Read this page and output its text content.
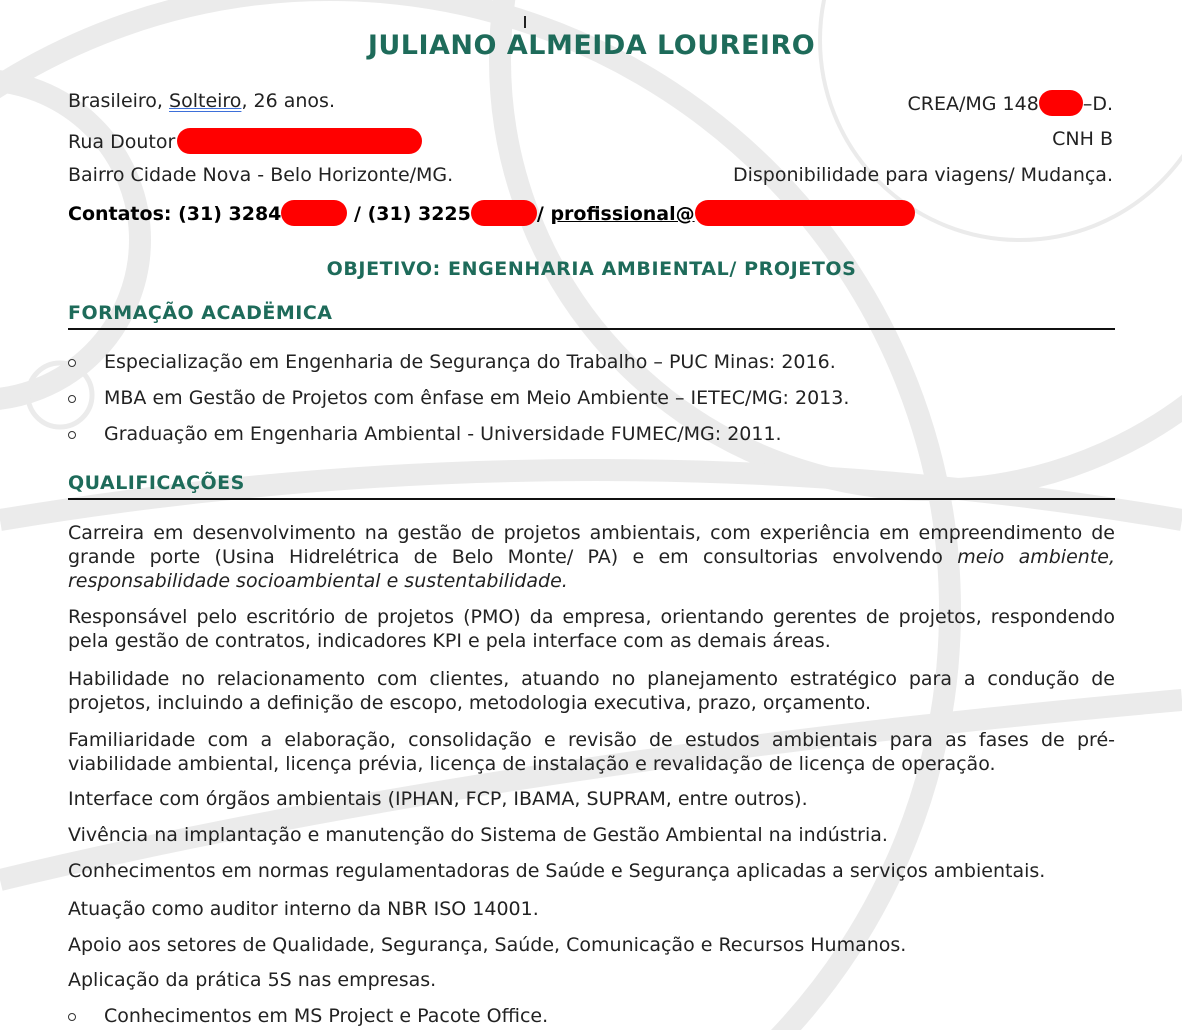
JULIANO ALMEIDA LOUREIRO
Brasileiro, Solteiro, 26 anos.	CREA/MG 148 –D.
Rua Doutor	CNH B
Bairro Cidade Nova - Belo Horizonte/MG.	Disponibilidade para viagens/ Mudança.
Contatos: (31) 3284	/ (31) 3225	/ profissional@
OBJETIVO: ENGENHARIA AMBIENTAL/ PROJETOS
FORMAÇÃO ACADËMICA
Especialização em Engenharia de Segurança do Trabalho – PUC Minas: 2016.
MBA em Gestão de Projetos com ênfase em Meio Ambiente – IETEC/MG: 2013.
Graduação em Engenharia Ambiental - Universidade FUMEC/MG: 2011.
QUALIFICAÇÕES
Carreira em desenvolvimento na gestão de projetos ambientais, com experiência em empreendimento de grande porte (Usina Hidrelétrica de Belo Monte/ PA) e em consultorias envolvendo meio ambiente, responsabilidade socioambiental e sustentabilidade.
Responsável pelo escritório de projetos (PMO) da empresa, orientando gerentes de projetos, respondendo pela gestão de contratos, indicadores KPI e pela interface com as demais áreas.
Habilidade no relacionamento com clientes, atuando no planejamento estratégico para a condução de projetos, incluindo a definição de escopo, metodologia executiva, prazo, orçamento.
Familiaridade com a elaboração, consolidação e revisão de estudos ambientais para as fases de pré-viabilidade ambiental, licença prévia, licença de instalação e revalidação de licença de operação.
Interface com órgãos ambientais (IPHAN, FCP, IBAMA, SUPRAM, entre outros).
Vivência na implantação e manutenção do Sistema de Gestão Ambiental na indústria.
Conhecimentos em normas regulamentadoras de Saúde e Segurança aplicadas a serviços ambientais.
Atuação como auditor interno da NBR ISO 14001.
Apoio aos setores de Qualidade, Segurança, Saúde, Comunicação e Recursos Humanos.
Aplicação da prática 5S nas empresas.
Conhecimentos em MS Project e Pacote Office.
